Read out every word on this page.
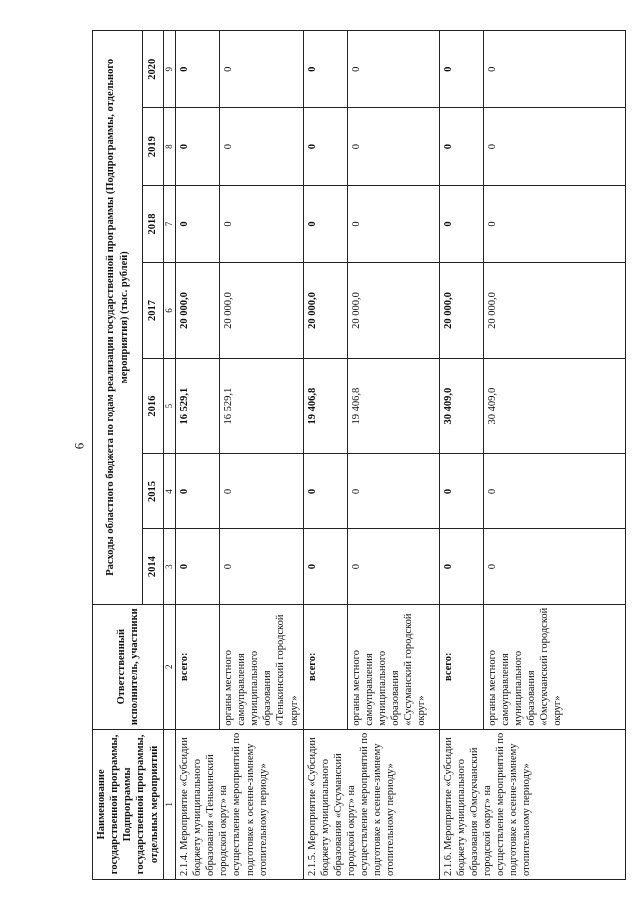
6
Наименование государственной программы, Подпрограммы государственной программы, отдельных мероприятий	Ответственный исполнитель, участники	Расходы областного бюджета по годам реализации государственной программы (Подпрограммы, отдельного мероприятия) (тыс. рублей)						
		2014	2015	2016	2017	2018	2019	2020
1	2	3	4	5	6	7	8	9
2.1.4. Мероприятие «Субсидии бюджету муниципального образования «Тенькинский городской округ» на осуществление мероприятий по подготовке к осенне-зимнему отопительному периоду»	всего:	0	0	16 529,1	20 000,0	0	0	0
	органы местного самоуправления муниципального образования «Тенькинский городской округ»	0	0	16 529,1	20 000,0	0	0	0
2.1.5. Мероприятие «Субсидии бюджету муниципального образования «Сусуманский городской округ» на осуществление мероприятий по подготовке к осенне-зимнему отопительному периоду»	всего:	0	0	19 406,8	20 000,0	0	0	0
	органы местного самоуправления муниципального образования «Сусуманский городской округ»	0	0	19 406,8	20 000,0	0	0	0
2.1.6. Мероприятие «Субсидии бюджету муниципального образования «Омсукчанский городской округ» на осуществление мероприятий по подготовке к осенне-зимнему отопительному периоду»	всего:	0	0	30 409,0	20 000,0	0	0	0
	органы местного самоуправления муниципального образования «Омсукчанский городской округ»	0	0	30 409,0	20 000,0	0	0	0
